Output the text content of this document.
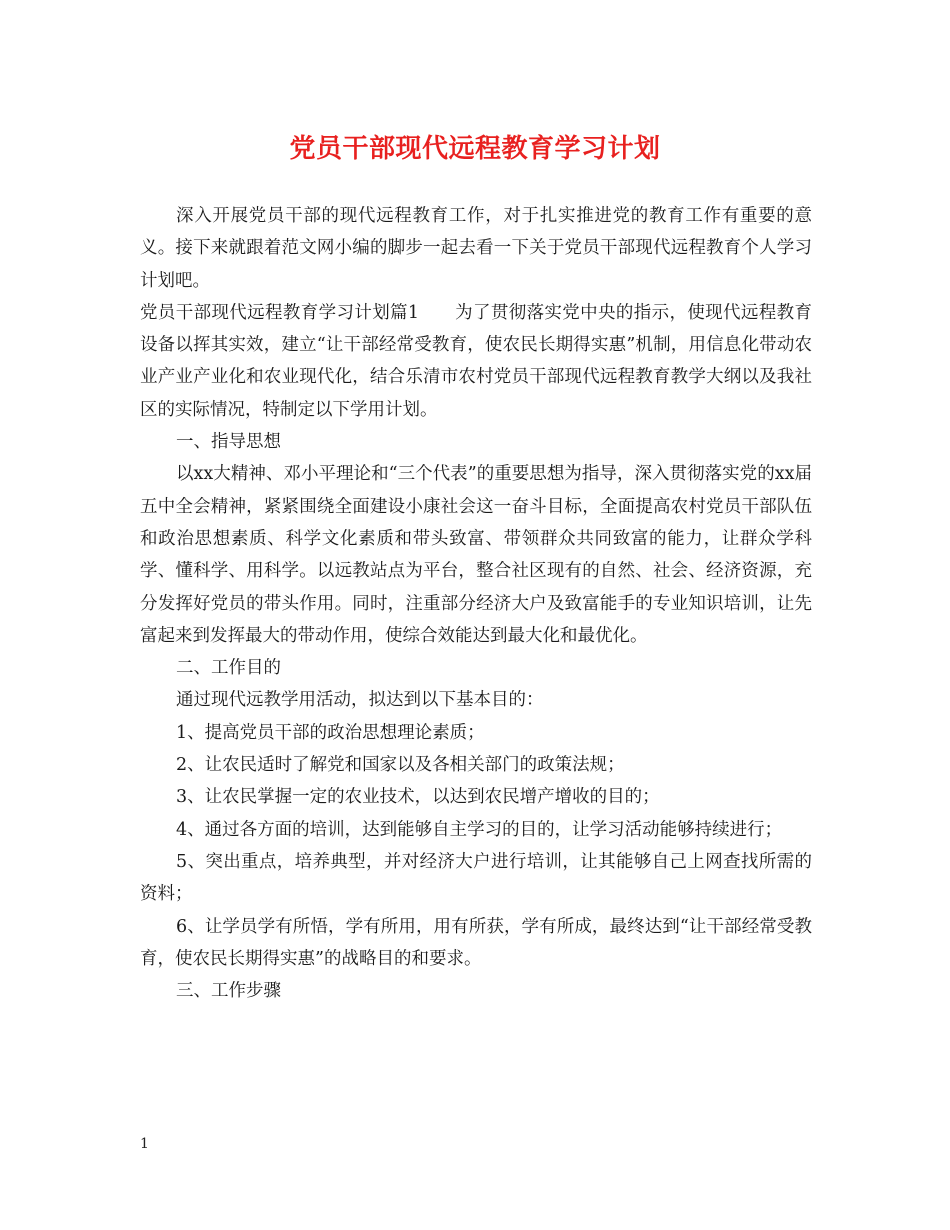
党员干部现代远程教育学习计划

深入开展党员干部的现代远程教育工作，对于扎实推进党的教育工作有重要的意义。接下来就跟着范文网小编的脚步一起去看一下关于党员干部现代远程教育个人学习计划吧。

党员干部现代远程教育学习计划篇1　　为了贯彻落实党中央的指示，使现代远程教育设备以挥其实效，建立“让干部经常受教育，使农民长期得实惠”机制，用信息化带动农业产业产业化和农业现代化，结合乐清市农村党员干部现代远程教育教学大纲以及我社区的实际情况，特制定以下学用计划。

一、指导思想

以xx大精神、邓小平理论和“三个代表”的重要思想为指导，深入贯彻落实党的xx届五中全会精神，紧紧围绕全面建设小康社会这一奋斗目标，全面提高农村党员干部队伍和政治思想素质、科学文化素质和带头致富、带领群众共同致富的能力，让群众学科学、懂科学、用科学。以远教站点为平台，整合社区现有的自然、社会、经济资源，充分发挥好党员的带头作用。同时，注重部分经济大户及致富能手的专业知识培训，让先富起来到发挥最大的带动作用，使综合效能达到最大化和最优化。

二、工作目的

通过现代远教学用活动，拟达到以下基本目的：

1、提高党员干部的政治思想理论素质；

2、让农民适时了解党和国家以及各相关部门的政策法规；

3、让农民掌握一定的农业技术，以达到农民增产增收的目的；

4、通过各方面的培训，达到能够自主学习的目的，让学习活动能够持续进行；

5、突出重点，培养典型，并对经济大户进行培训，让其能够自己上网查找所需的资料；

6、让学员学有所悟，学有所用，用有所获，学有所成，最终达到“让干部经常受教育，使农民长期得实惠”的战略目的和要求。

三、工作步骤

1
